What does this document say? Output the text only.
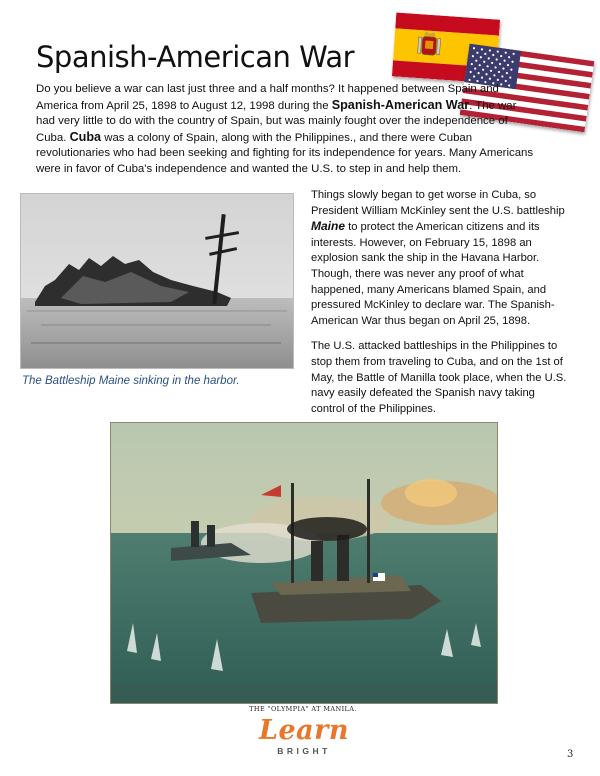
Spanish-American War

Do you believe a war can last just three and a half months? It happened between Spain and America from April 25, 1898 to August 12, 1998 during the Spanish-American War. The war had very little to do with the country of Spain, but was mainly fought over the independence of Cuba. Cuba was a colony of Spain, along with the Philippines., and there were Cuban revolutionaries who had been seeking and fighting for its independence for years. Many Americans were in favor of Cuba's independence and wanted the U.S. to step in and help them.

The Battleship Maine sinking in the harbor.

Things slowly began to get worse in Cuba, so President William McKinley sent the U.S. battleship Maine to protect the American citizens and its interests. However, on February 15, 1898 an explosion sank the ship in the Havana Harbor. Though, there was never any proof of what happened, many Americans blamed Spain, and pressured McKinley to declare war. The Spanish-American War thus began on April 25, 1898.

The U.S. attacked battleships in the Philippines to stop them from traveling to Cuba, and on the 1st of May, the Battle of Manilla took place, when the U.S. navy easily defeated the Spanish navy taking control of the Philippines.

THE "OLYMPIA" AT MANILA.
Learn
BRIGHT	3
